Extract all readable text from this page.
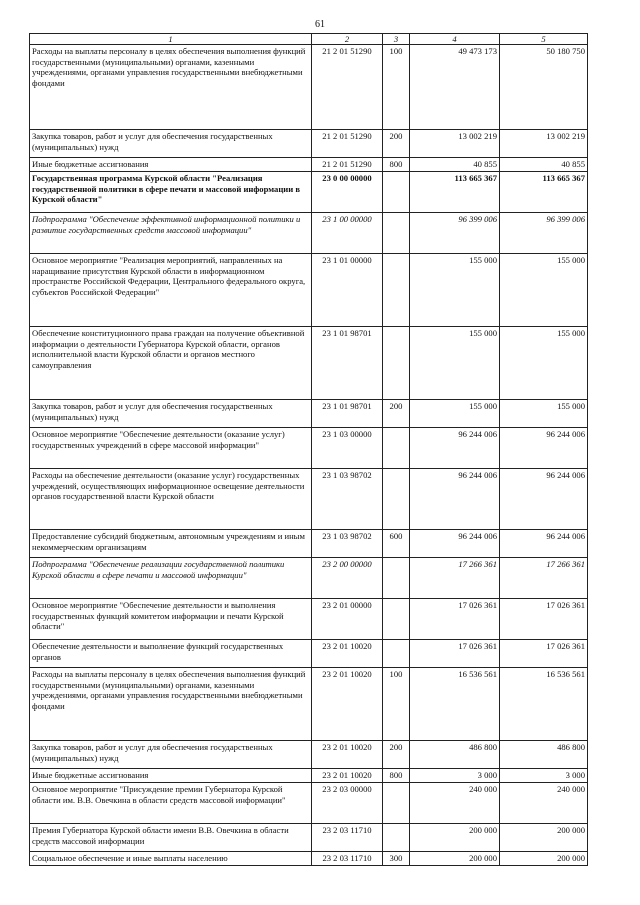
61
1	2	3	4	5
Расходы на выплаты персоналу в целях обеспечения выполнения функций государственными (муниципальными) органами, казенными учреждениями, органами управления государственными внебюджетными фондами	21 2 01 51290	100	49 473 173	50 180 750
Закупка товаров, работ и услуг для обеспечения государственных (муниципальных) нужд	21 2 01 51290	200	13 002 219	13 002 219
Иные бюджетные ассигнования	21 2 01 51290	800	40 855	40 855
Государственная программа Курской области "Реализация государственной политики в сфере печати и массовой информации в Курской области"	23 0 00 00000		113 665 367	113 665 367
Подпрограмма "Обеспечение эффективной информационной политики и развитие государственных средств массовой информации"	23 1 00 00000		96 399 006	96 399 006
Основное мероприятие "Реализация мероприятий, направленных на наращивание присутствия Курской области в информационном пространстве Российской Федерации, Центрального федерального округа, субъектов Российской Федерации"	23 1 01 00000		155 000	155 000
Обеспечение конституционного права граждан на получение объективной информации о деятельности Губернатора Курской области, органов исполнительной власти Курской области и органов местного самоуправления	23 1 01 98701		155 000	155 000
Закупка товаров, работ и услуг для обеспечения государственных (муниципальных) нужд	23 1 01 98701	200	155 000	155 000
Основное мероприятие "Обеспечение деятельности (оказание услуг) государственных учреждений в сфере массовой информации"	23 1 03 00000		96 244 006	96 244 006
Расходы на обеспечение деятельности (оказание услуг) государственных учреждений, осуществляющих информационное освещение деятельности органов государственной власти Курской области	23 1 03 98702		96 244 006	96 244 006
Предоставление субсидий бюджетным, автономным учреждениям и иным некоммерческим организациям	23 1 03 98702	600	96 244 006	96 244 006
Подпрограмма "Обеспечение реализации государственной политики Курской области в сфере печати и массовой информации"	23 2 00 00000		17 266 361	17 266 361
Основное мероприятие "Обеспечение деятельности и выполнения государственных функций комитетом информации и печати Курской области"	23 2 01 00000		17 026 361	17 026 361
Обеспечение деятельности и выполнение функций государственных органов	23 2 01 10020		17 026 361	17 026 361
Расходы на выплаты персоналу в целях обеспечения выполнения функций государственными (муниципальными) органами, казенными учреждениями, органами управления государственными внебюджетными фондами	23 2 01 10020	100	16 536 561	16 536 561
Закупка товаров, работ и услуг для обеспечения государственных (муниципальных) нужд	23 2 01 10020	200	486 800	486 800
Иные бюджетные ассигнования	23 2 01 10020	800	3 000	3 000
Основное мероприятие "Присуждение премии Губернатора Курской области им. В.В. Овечкина в области средств массовой информации"	23 2 03 00000		240 000	240 000
Премия Губернатора Курской области имени В.В. Овечкина в области средств массовой информации	23 2 03 11710		200 000	200 000
Социальное обеспечение и иные выплаты населению	23 2 03 11710	300	200 000	200 000
